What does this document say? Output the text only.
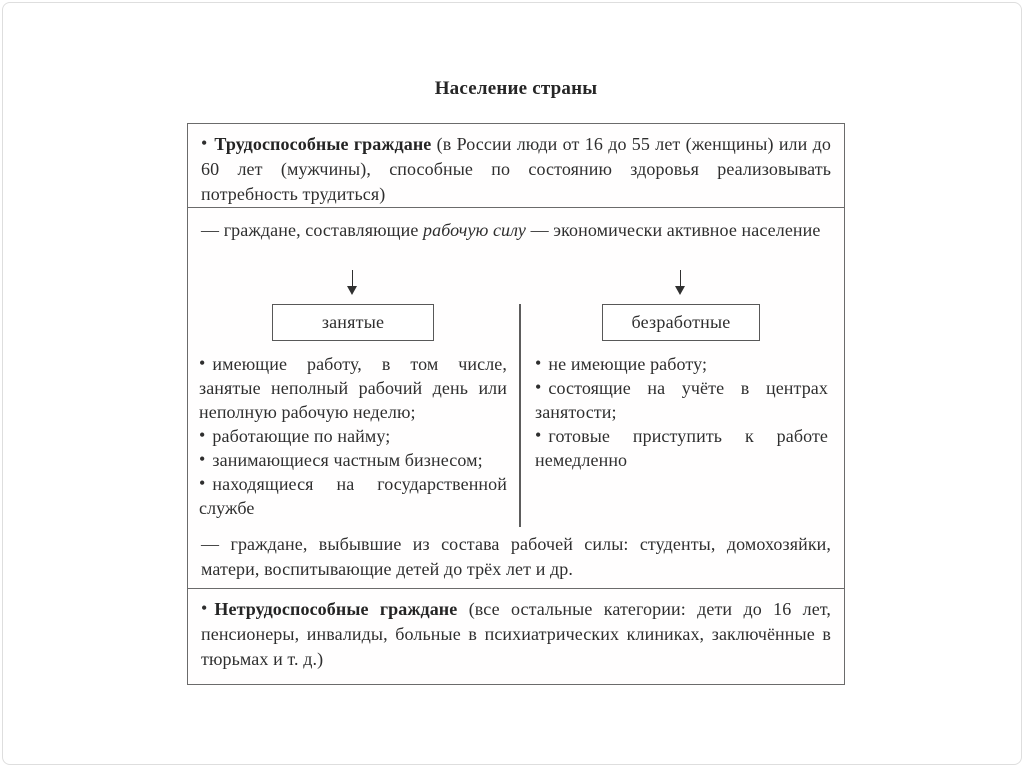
Население страны
• Трудоспособные граждане (в России люди от 16 до 55 лет (женщины) или до 60 лет (мужчины), способные по состоянию здоровья реализовывать потребность трудиться)
— граждане, составляющие рабочую силу — экономически активное население
занятые	безработные
• имеющие работу, в том числе, занятые неполный рабочий день или неполную рабочую неделю;
• работающие по найму;
• занимающиеся частным бизнесом;
• находящиеся на государственной службе
• не имеющие работу;
• состоящие на учёте в центрах занятости;
• готовые приступить к работе немедленно
— граждане, выбывшие из состава рабочей силы: студенты, домохозяйки, матери, воспитывающие детей до трёх лет и др.
• Нетрудоспособные граждане (все остальные категории: дети до 16 лет, пенсионеры, инвалиды, больные в психиатрических клиниках, заключённые в тюрьмах и т. д.)
